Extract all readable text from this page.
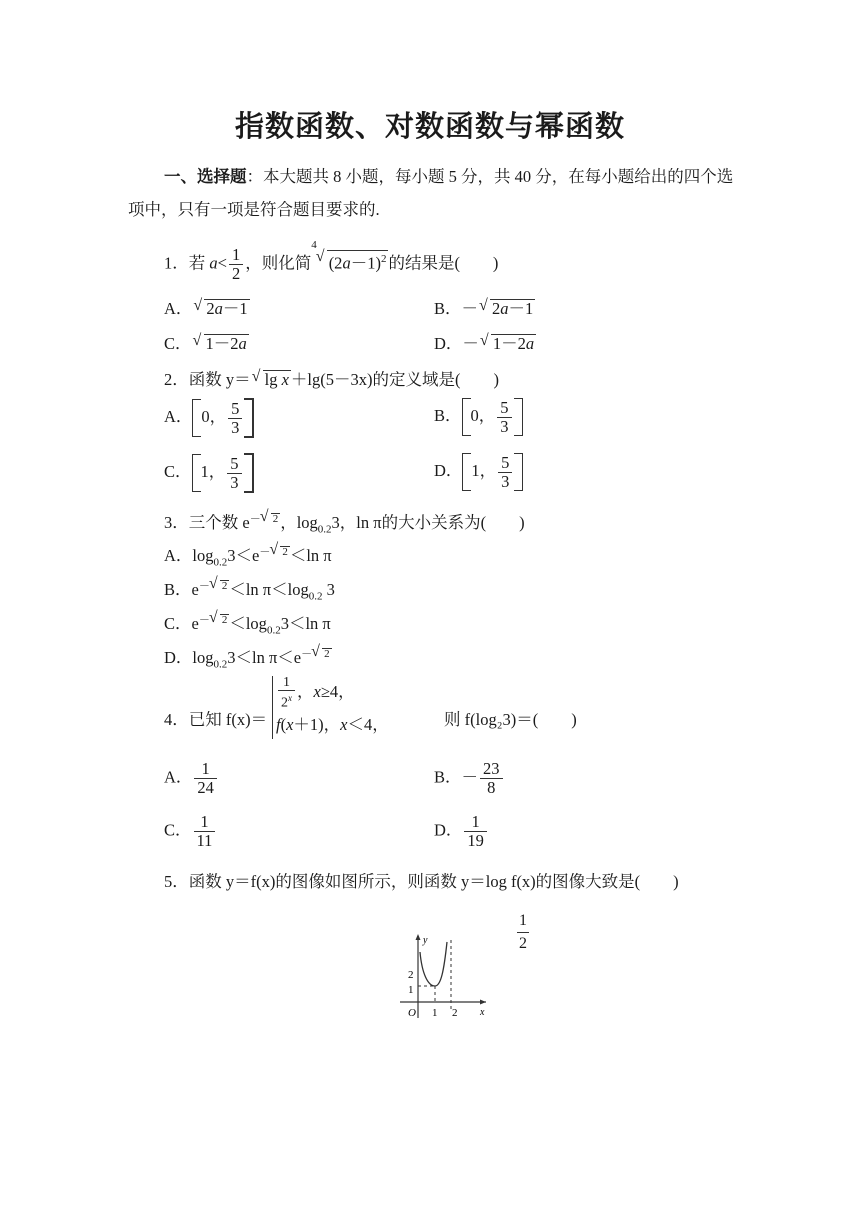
指数函数、对数函数与幂函数
一、选择题：本大题共 8 小题，每小题 5 分，共 40 分，在每小题给出的四个选项中，只有一项是符合题目要求的.
1．若 $a< \frac{1}{2}$ ，则化简$^4$√ $(2a-1)^2$ 的结果是(　　)
A． √ 2a－1	B．－ √ 2a－1
C． √ 1－2a	D．－ √ 1－2a
2．函数 y＝ √ lg x ＋lg(5－3x)的定义域是(　　)
A． 0， $\frac{5}{3}$	B． 0， $\frac{5}{3}$
C． 1， $\frac{5}{3}$	D． 1， $\frac{5}{3}$
3．三个数 $e^{- √ 2}$ ，$\log_{0.2}3$，ln π的大小关系为(　　)
A．$\log_{0.2}3<e^{- √ 2} <\ln$ π
B．$e^{- √ 2} <\ln$ $\pi<\log_{0.2}$ 3
C．$e^{- √ 2} <\log_{0.2}3<\ln$ π
D．$\log_{0.2}3<\ln$ $\pi<e^{- √ 2}$
4．已知 f(x)＝
$\frac{1}{2^x}$ ，x≥4，
f(x＋1)，x＜4，	则 f(log₂3)＝(　　)
A． $\frac{1}{24}$	B．－ $\frac{23}{8}$
C． $\frac{1}{11}$	D． $\frac{1}{19}$
5．函数 y＝f(x)的图像如图所示，则函数 y＝log f(x)的图像大致是(　　)
$\frac{1}{2}$
y
x
O
2
1
1 2
